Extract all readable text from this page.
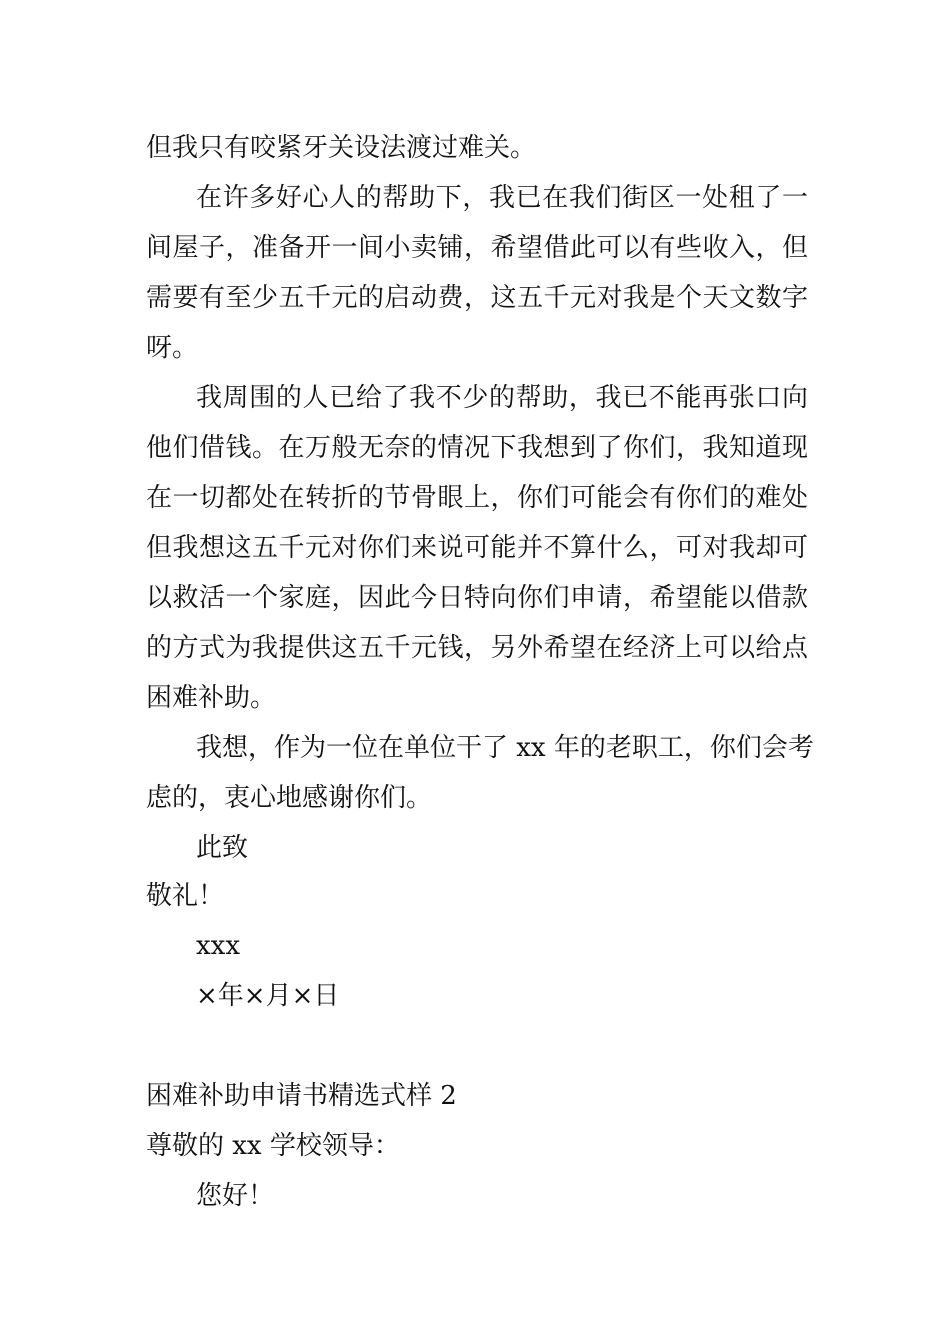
但我只有咬紧牙关设法渡过难关。
在许多好心人的帮助下，我已在我们街区一处租了一
间屋子，准备开一间小卖铺，希望借此可以有些收入，但
需要有至少五千元的启动费，这五千元对我是个天文数字
呀。
我周围的人已给了我不少的帮助，我已不能再张口向
他们借钱。在万般无奈的情况下我想到了你们，我知道现
在一切都处在转折的节骨眼上，你们可能会有你们的难处
但我想这五千元对你们来说可能并不算什么，可对我却可
以救活一个家庭，因此今日特向你们申请，希望能以借款
的方式为我提供这五千元钱，另外希望在经济上可以给点
困难补助。
我想，作为一位在单位干了 xx 年的老职工，你们会考
虑的，衷心地感谢你们。
此致
敬礼！
xxx
×年×月×日
困难补助申请书精选式样 2
尊敬的 xx 学校领导：
您好！
